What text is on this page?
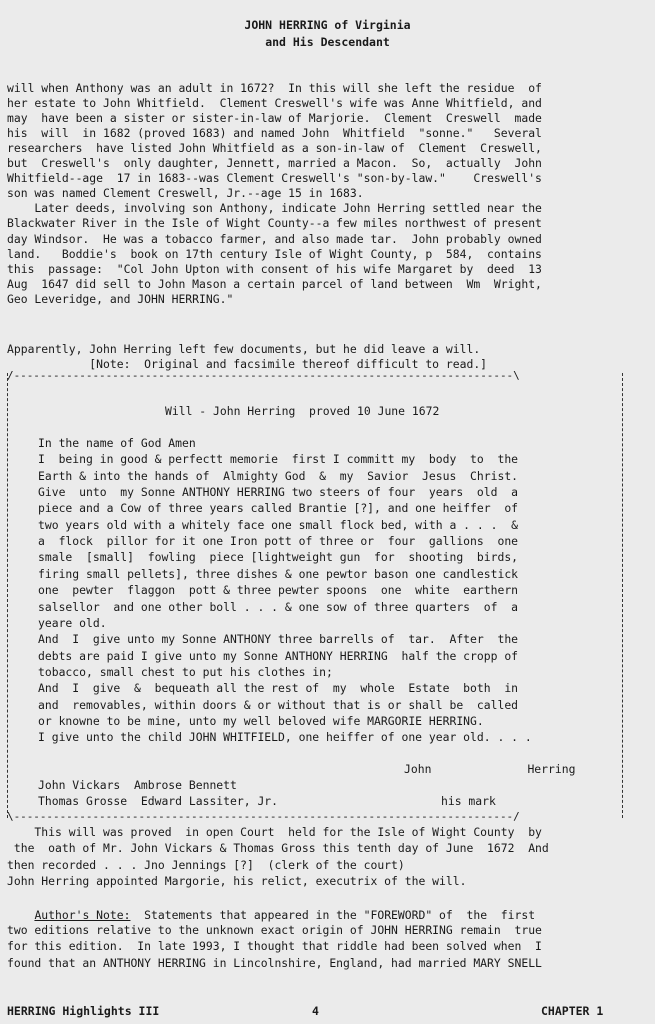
JOHN HERRING of Virginia
and His Descendant
will when Anthony was an adult in 1672?  In this will she left the residue  of
her estate to John Whitfield.  Clement Creswell's wife was Anne Whitfield, and
may  have been a sister or sister-in-law of Marjorie.  Clement  Creswell  made
his  will  in 1682 (proved 1683) and named John  Whitfield  "sonne."   Several
researchers  have listed John Whitfield as a son-in-law of  Clement  Creswell,
but  Creswell's  only daughter, Jennett, married a Macon.  So,  actually  John
Whitfield--age  17 in 1683--was Clement Creswell's "son-by-law."    Creswell's
son was named Clement Creswell, Jr.--age 15 in 1683.
Later deeds, involving son Anthony, indicate John Herring settled near the
Blackwater River in the Isle of Wight County--a few miles northwest of present
day Windsor.  He was a tobacco farmer, and also made tar.  John probably owned
land.   Boddie's  book on 17th century Isle of Wight County, p  584,  contains
this  passage:  "Col John Upton with consent of his wife Margaret by  deed  13
Aug  1647 did sell to John Mason a certain parcel of land between  Wm  Wright,
Geo Leveridge, and JOHN HERRING."
Apparently, John Herring left few documents, but he did leave a will.
[Note:  Original and facsimile thereof difficult to read.]
/----------------------------------------------------------------------------\
Will - John Herring  proved 10 June 1672
In the name of God Amen
I  being in good & perfectt memorie  first I committ my  body  to  the
Earth & into the hands of  Almighty God  &  my  Savior  Jesus  Christ.
Give  unto  my Sonne ANTHONY HERRING two steers of four  years  old  a
piece and a Cow of three years called Brantie [?], and one heiffer  of
two years old with a whitely face one small flock bed, with a . . .  &
a  flock  pillor for it one Iron pott of three or  four  gallions  one
smale  [small]  fowling  piece [lightweight gun  for  shooting  birds,
firing small pellets], three dishes & one pewtor bason one candlestick
one  pewter  flaggon  pott & three pewter spoons  one  white  earthern
salsellor  and one other boll . . . & one sow of three quarters  of  a
yeare old.
And  I  give unto my Sonne ANTHONY three barrells of  tar.  After  the
debts are paid I give unto my Sonne ANTHONY HERRING  half the cropp of
tobacco, small chest to put his clothes in;
And  I  give  &  bequeath all the rest of  my  whole  Estate  both  in
and  removables, within doors & or without that is or shall be  called
or knowne to be mine, unto my well beloved wife MARGORIE HERRING.
I give unto the child JOHN WHITFIELD, one heiffer of one year old. . . .
John              Herring
John Vickars  Ambrose Bennett
Thomas Grosse  Edward Lassiter, Jr.	his mark
\----------------------------------------------------------------------------/
This will was proved  in open Court  held for the Isle of Wight County  by
the  oath of Mr. John Vickars & Thomas Gross this tenth day of June  1672  And
then recorded . . . Jno Jennings [?]  (clerk of the court)
John Herring appointed Margorie, his relict, executrix of the will.
Author's Note:  Statements that appeared in the "FOREWORD" of  the  first
two editions relative to the unknown exact origin of JOHN HERRING remain  true
for this edition.  In late 1993, I thought that riddle had been solved when  I
found that an ANTHONY HERRING in Lincolnshire, England, had married MARY SNELL
HERRING Highlights III	4	CHAPTER 1
